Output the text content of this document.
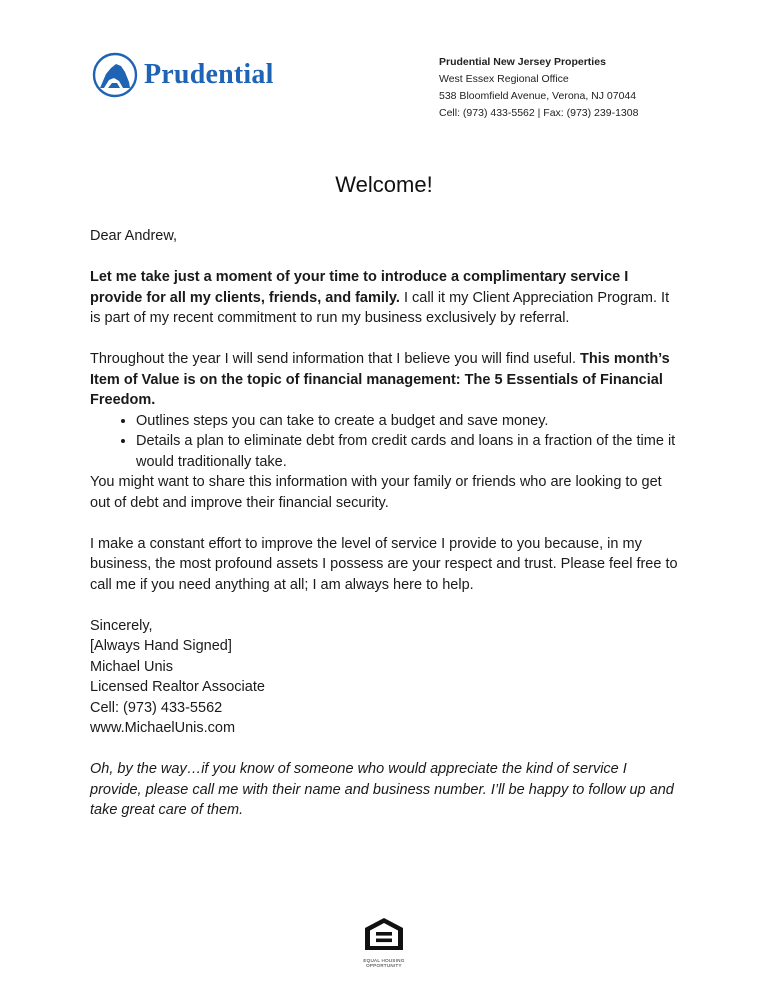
Prudential	Prudential New Jersey Properties
West Essex Regional Office
538 Bloomfield Avenue, Verona, NJ 07044
Cell: (973) 433-5562 | Fax: (973) 239-1308
Welcome!

Dear Andrew,

Let me take just a moment of your time to introduce a complimentary service I provide for all my clients, friends, and family. I call it my Client Appreciation Program. It is part of my recent commitment to run my business exclusively by referral.

Throughout the year I will send information that I believe you will find useful. This month’s Item of Value is on the topic of financial management: The 5 Essentials of Financial Freedom.

• Outlines steps you can take to create a budget and save money.
• Details a plan to eliminate debt from credit cards and loans in a fraction of the time it would traditionally take.

You might want to share this information with your family or friends who are looking to get out of debt and improve their financial security.

I make a constant effort to improve the level of service I provide to you because, in my business, the most profound assets I possess are your respect and trust. Please feel free to call me if you need anything at all; I am always here to help.

Sincerely,
[Always Hand Signed]
Michael Unis
Licensed Realtor Associate
Cell: (973) 433-5562
www.MichaelUnis.com

Oh, by the way…if you know of someone who would appreciate the kind of service I provide, please call me with their name and business number. I’ll be happy to follow up and take great care of them.

EQUAL HOUSING OPPORTUNITY
